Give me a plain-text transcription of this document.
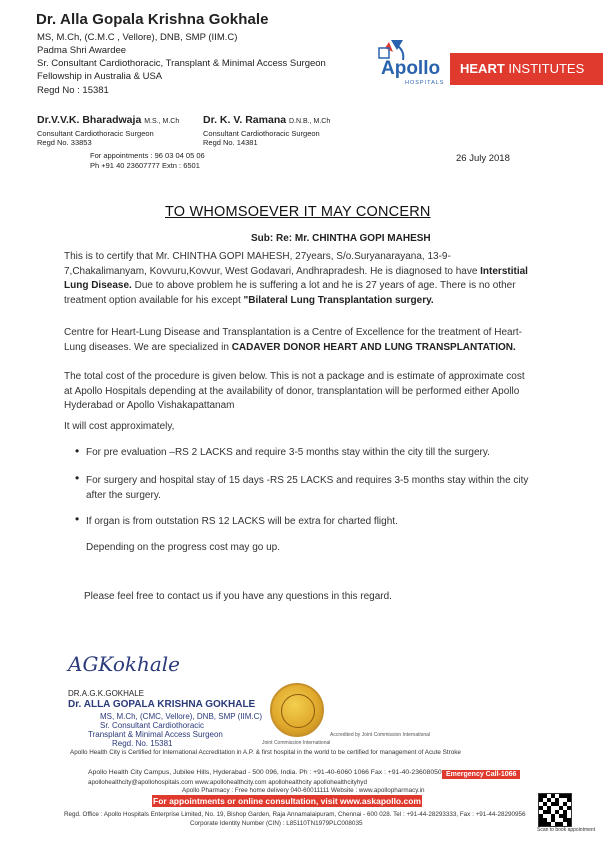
Dr. Alla Gopala Krishna Gokhale
MS, M.Ch, (C.M.C , Vellore), DNB, SMP (IIM.C)
Padma Shri Awardee
Sr. Consultant Cardiothoracic, Transplant & Minimal Access Surgeon
Fellowship in Australia & USA
Regd No : 15381
Dr.V.V.K. Bharadwaja M.S., M.Ch
Consultant Cardiothoracic Surgeon
Regd No. 33853
Dr. K. V. Ramana D.N.B., M.Ch
Consultant Cardiothoracic Surgeon
Regd No. 14381
For appointments : 96 03 04 05 06
Ph +91 40 23607777 Extn : 6501
Apollo
HOSPITALS
HEART INSTITUTES
26 July 2018
TO WHOMSOEVER IT MAY CONCERN
Sub: Re: Mr. CHINTHA GOPI MAHESH
This is to certify that Mr. CHINTHA GOPI MAHESH, 27years, S/o.Suryanarayana, 13-9-7,Chakalimanyam, Kovvuru,Kovvur, West Godavari, Andhrapradesh. He is diagnosed to have Interstitial Lung Disease. Due to above problem he is suffering a lot and he is 27 years of age. There is no other treatment option available for his except "Bilateral Lung Transplantation surgery.
Centre for Heart-Lung Disease and Transplantation is a Centre of Excellence for the treatment of Heart-Lung diseases. We are specialized in CADAVER DONOR HEART AND LUNG TRANSPLANTATION.
The total cost of the procedure is given below. This is not a package and is estimate of approximate cost at Apollo Hospitals depending at the availability of donor, transplantation will be performed either Apollo Hyderabad or Apollo Vishakapattanam
It will cost approximately,
• For pre evaluation –RS 2 LACKS and require 3-5 months stay within the city till the surgery.
• For surgery and hospital stay of 15 days -RS 25 LACKS and requires 3-5 months stay within the city after the surgery.
• If organ is from outstation RS 12 LACKS will be extra for charted flight.
Depending on the progress cost may go up.
Please feel free to contact us if you have any questions in this regard.
AGKokhale
DR.A.G.K.GOKHALE
Dr. ALLA GOPALA KRISHNA GOKHALE
MS, M.Ch, (CMC, Vellore), DNB, SMP (IIM.C)
Sr. Consultant Cardiothoracic
Transplant & Minimal Access Surgeon
Regd. No. 15381	Joint Commission International
Accredited by Joint Commission International
Apollo Health City is Certified for International Accreditation in A.P. & first hospital in the world to be certified for management of Acute Stroke
Apollo Health City Campus, Jubilee Hills, Hyderabad - 500 096, India. Ph : +91-40-6060 1066 Fax : +91-40-23608050 Emergency Call-1066
apollohealthcity@apollohospitals.com www.apollohealthcity.com apollohealthcity apollohealthcityhyd
Apollo Pharmacy : Free home delivery 040-60011111 Website : www.apollopharmacy.in
For appointments or online consultation, visit www.askapollo.com
Regd. Office : Apollo Hospitals Enterprise Limited, No. 19, Bishop Garden, Raja Annamalaipuram, Chennai - 600 028. Tel : +91-44-28293333, Fax : +91-44-28290956
Corporate Identity Number (CIN) : L85110TN1979PLC008035
Scan to book appointment
